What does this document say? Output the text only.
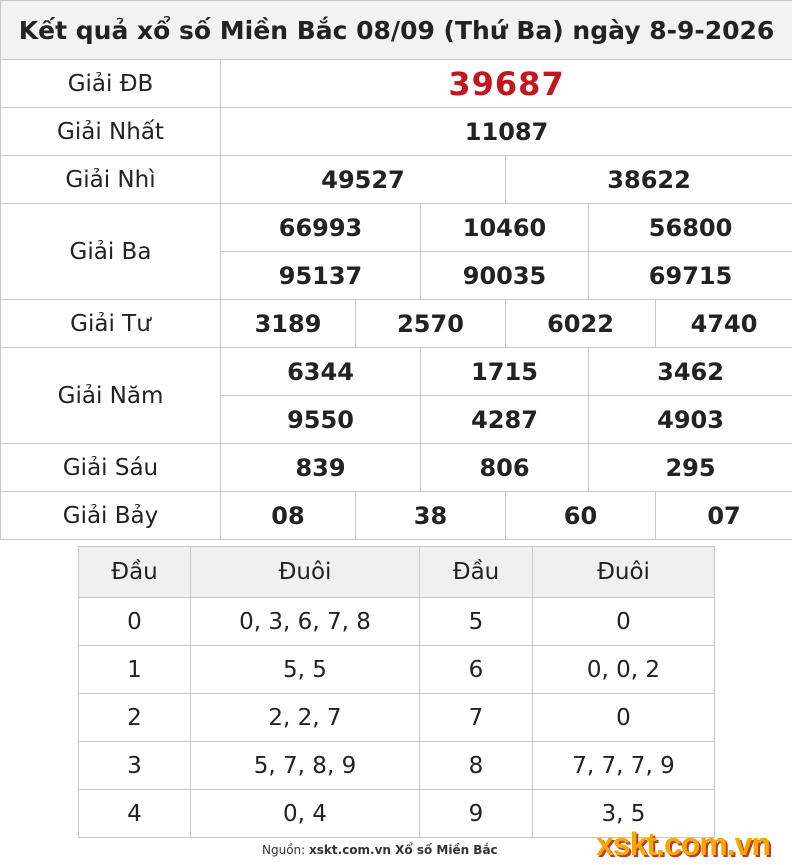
Kết quả xổ số Miền Bắc 08/09 (Thứ Ba) ngày 8-9-2026						
Giải ĐB	39687					
Giải Nhất	11087					
Giải Nhì	49527			38622		
Giải Ba	66993		10460		56800	
	95137		90035		69715	
Giải Tư	3189	2570		6022		4740
Giải Năm	6344		1715		3462	
	9550		4287		4903	
Giải Sáu	839		806		295	
Giải Bảy	08	38		60		07
Đầu	Đuôi	Đầu	Đuôi
0	0, 3, 6, 7, 8	5	0
1	5, 5	6	0, 0, 2
2	2, 2, 7	7	0
3	5, 7, 8, 9	8	7, 7, 7, 9
4	0, 4	9	3, 5
Nguồn: xskt.com.vn Xổ số Miền Bắc	xskt.com.vn
